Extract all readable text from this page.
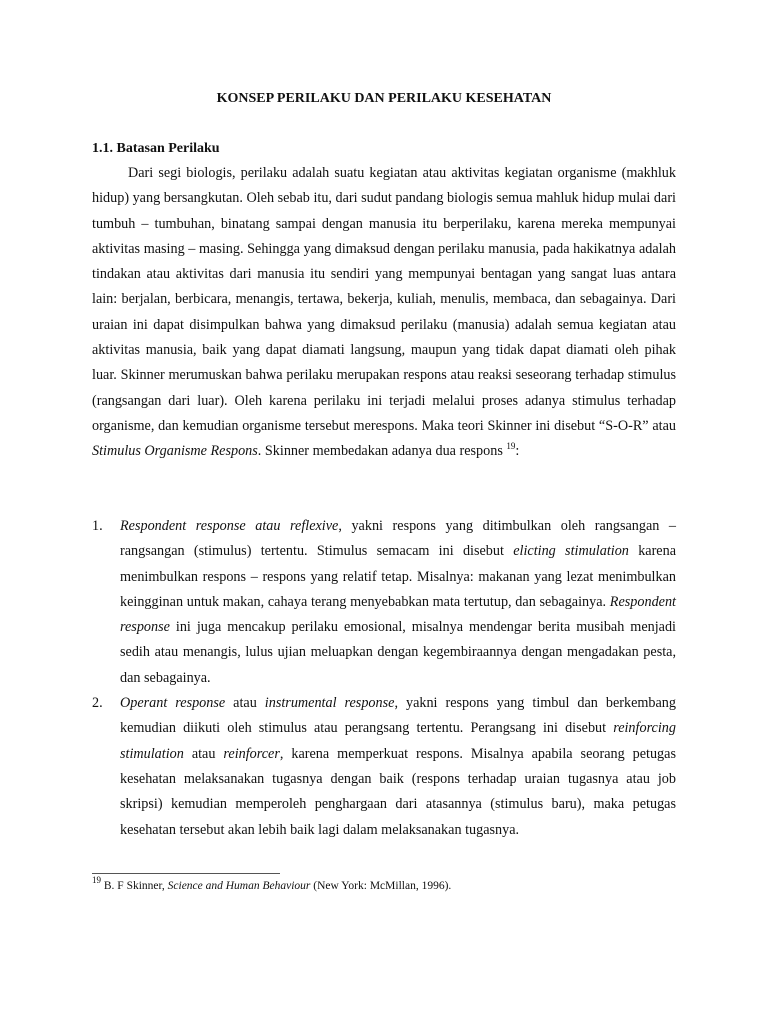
KONSEP PERILAKU DAN PERILAKU KESEHATAN
1.1. Batasan Perilaku

Dari segi biologis, perilaku adalah suatu kegiatan atau aktivitas kegiatan organisme (makhluk hidup) yang bersangkutan. Oleh sebab itu, dari sudut pandang biologis semua mahluk hidup mulai dari tumbuh – tumbuhan, binatang sampai dengan manusia itu berperilaku, karena mereka mempunyai aktivitas masing – masing. Sehingga yang dimaksud dengan perilaku manusia, pada hakikatnya adalah tindakan atau aktivitas dari manusia itu sendiri yang mempunyai bentagan yang sangat luas antara lain: berjalan, berbicara, menangis, tertawa, bekerja, kuliah, menulis, membaca, dan sebagainya. Dari uraian ini dapat disimpulkan bahwa yang dimaksud perilaku (manusia) adalah semua kegiatan atau aktivitas manusia, baik yang dapat diamati langsung, maupun yang tidak dapat diamati oleh pihak luar. Skinner merumuskan bahwa perilaku merupakan respons atau reaksi seseorang terhadap stimulus (rangsangan dari luar). Oleh karena perilaku ini terjadi melalui proses adanya stimulus terhadap organisme, dan kemudian organisme tersebut merespons. Maka teori Skinner ini disebut “S-O-R” atau Stimulus Organisme Respons. Skinner membedakan adanya dua respons $^{19}$:

1. Respondent response atau reflexive, yakni respons yang ditimbulkan oleh rangsangan – rangsangan (stimulus) tertentu. Stimulus semacam ini disebut elicting stimulation karena menimbulkan respons – respons yang relatif tetap. Misalnya: makanan yang lezat menimbulkan keingginan untuk makan, cahaya terang menyebabkan mata tertutup, dan sebagainya. Respondent response ini juga mencakup perilaku emosional, misalnya mendengar berita musibah menjadi sedih atau menangis, lulus ujian meluapkan dengan kegembiraannya dengan mengadakan pesta, dan sebagainya.

2. Operant response atau instrumental response, yakni respons yang timbul dan berkembang kemudian diikuti oleh stimulus atau perangsang tertentu. Perangsang ini disebut reinforcing stimulation atau reinforcer, karena memperkuat respons. Misalnya apabila seorang petugas kesehatan melaksanakan tugasnya dengan baik (respons terhadap uraian tugasnya atau job skripsi) kemudian memperoleh penghargaan dari atasannya (stimulus baru), maka petugas kesehatan tersebut akan lebih baik lagi dalam melaksanakan tugasnya.

$^{19}$ B. F Skinner, Science and Human Behaviour (New York: McMillan, 1996).
